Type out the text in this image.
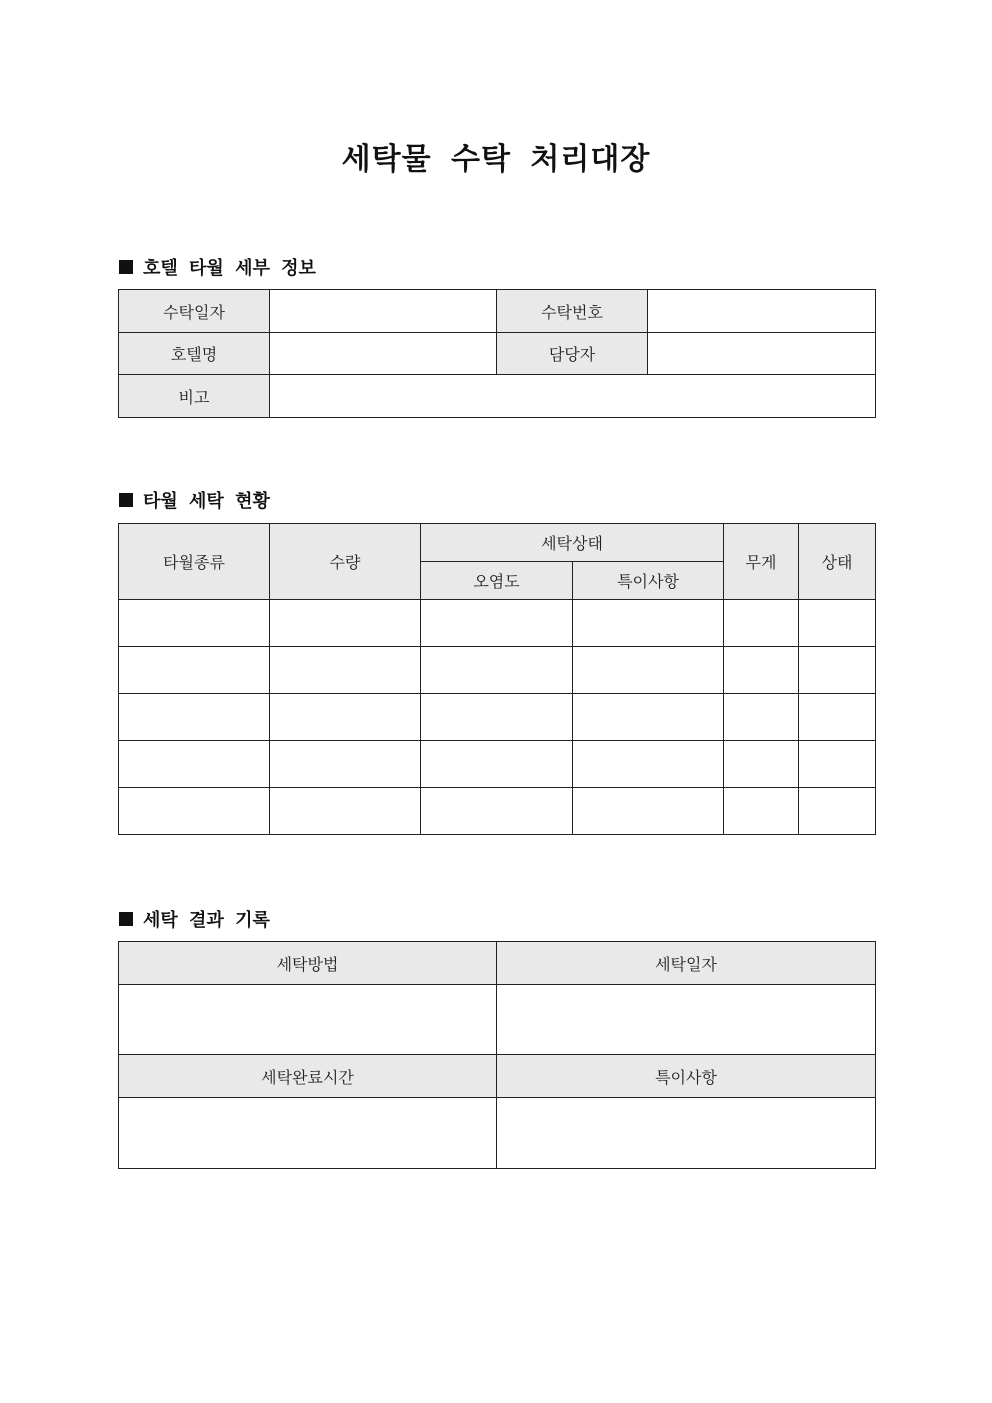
세탁물 수탁 처리대장
호텔 타월 세부 정보
수탁일자		수탁번호	
호텔명		담당자	
비고			
타월 세탁 현황
타월종류	수량	세탁상태		무게	상태
		오염도	특이사항		

세탁 결과 기록
세탁방법	세탁일자

세탁완료시간	특이사항
